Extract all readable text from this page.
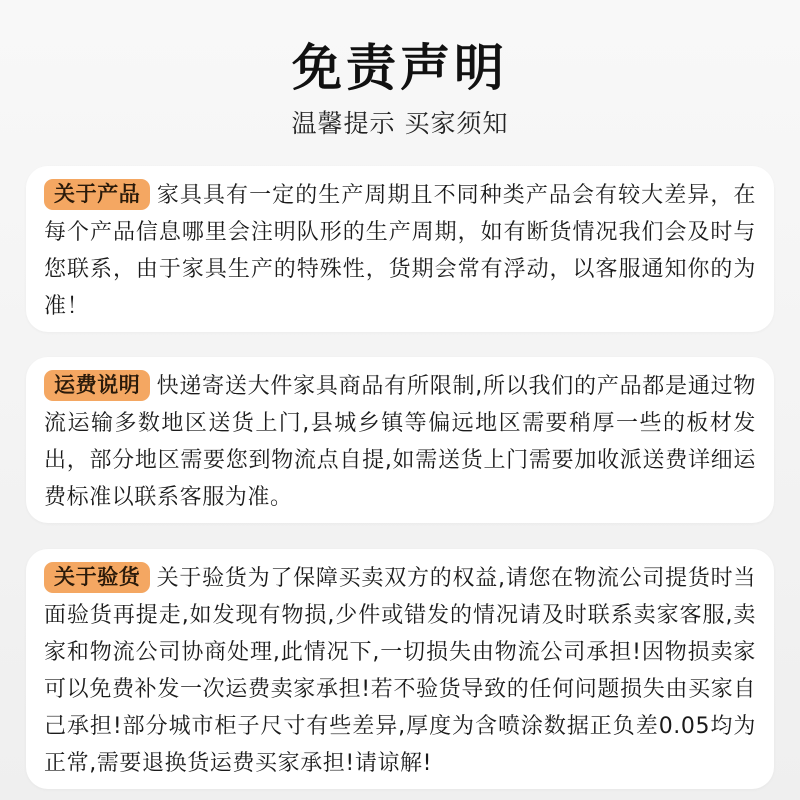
免责声明
温馨提示 买家须知
关于产品 家具具有一定的生产周期且不同种类产品会有较大差异，在每个产品信息哪里会注明队形的生产周期，如有断货情况我们会及时与您联系，由于家具生产的特殊性，货期会常有浮动，以客服通知你的为准！
运费说明 快递寄送大件家具商品有所限制,所以我们的产品都是通过物流运输多数地区送货上门,县城乡镇等偏远地区需要稍厚一些的板材发出，部分地区需要您到物流点自提,如需送货上门需要加收派送费详细运费标准以联系客服为准。
关于验货 关于验货为了保障买卖双方的权益,请您在物流公司提货时当面验货再提走,如发现有物损,少件或错发的情况请及时联系卖家客服,卖家和物流公司协商处理,此情况下,一切损失由物流公司承担!因物损卖家可以免费补发一次运费卖家承担!若不验货导致的任何问题损失由买家自己承担!部分城市柜子尺寸有些差异,厚度为含喷涂数据正负差0.05均为正常,需要退换货运费买家承担!请谅解!
